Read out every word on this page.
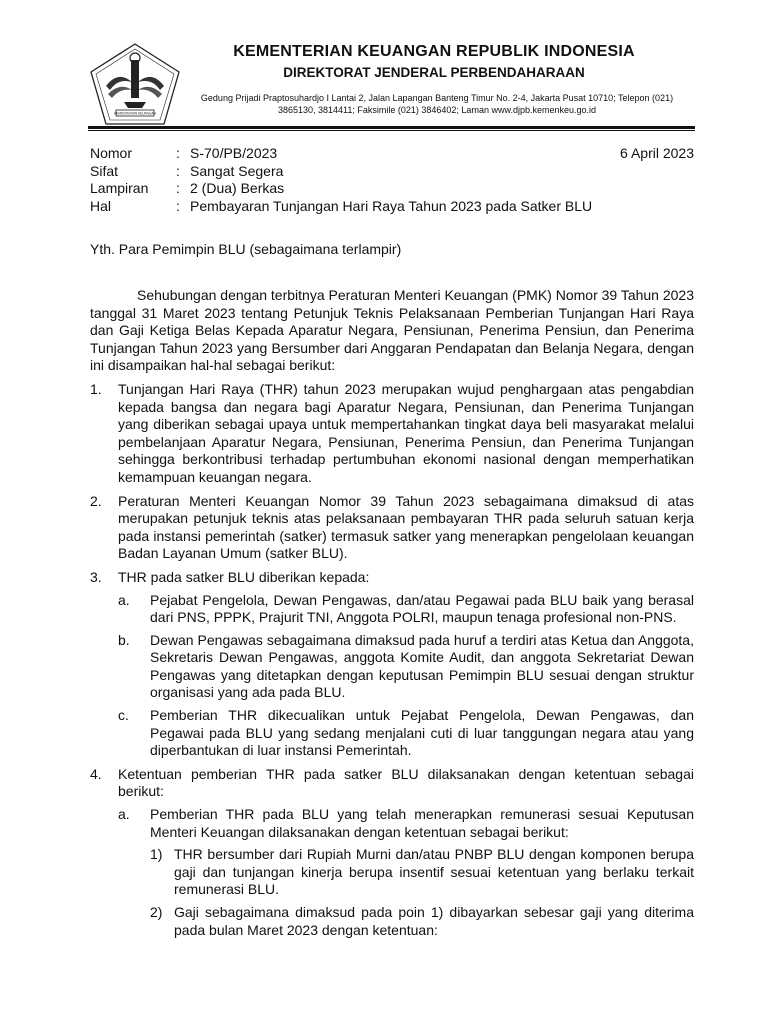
KEMENTERIAN KEUANGAN
KEMENTERIAN KEUANGAN REPUBLIK INDONESIA
DIREKTORAT JENDERAL PERBENDAHARAAN
Gedung Prijadi Praptosuhardjo I Lantai 2, Jalan Lapangan Banteng Timur No. 2-4, Jakarta Pusat 10710; Telepon (021)
3865130, 3814411; Faksimile (021) 3846402; Laman www.djpb.kemenkeu.go.id
Nomor	: S-70/PB/2023
Sifat	: Sangat Segera
Lampiran	: 2 (Dua) Berkas
Hal	: Pembayaran Tunjangan Hari Raya Tahun 2023 pada Satker BLU
6 April 2023
Yth. Para Pemimpin BLU (sebagaimana terlampir)

Sehubungan dengan terbitnya Peraturan Menteri Keuangan (PMK) Nomor 39 Tahun 2023 tanggal 31 Maret 2023 tentang Petunjuk Teknis Pelaksanaan Pemberian Tunjangan Hari Raya dan Gaji Ketiga Belas Kepada Aparatur Negara, Pensiunan, Penerima Pensiun, dan Penerima Tunjangan Tahun 2023 yang Bersumber dari Anggaran Pendapatan dan Belanja Negara, dengan ini disampaikan hal-hal sebagai berikut:

1.	Tunjangan Hari Raya (THR) tahun 2023 merupakan wujud penghargaan atas pengabdian kepada bangsa dan negara bagi Aparatur Negara, Pensiunan, dan Penerima Tunjangan yang diberikan sebagai upaya untuk mempertahankan tingkat daya beli masyarakat melalui pembelanjaan Aparatur Negara, Pensiunan, Penerima Pensiun, dan Penerima Tunjangan sehingga berkontribusi terhadap pertumbuhan ekonomi nasional dengan memperhatikan kemampuan keuangan negara.
2.	Peraturan Menteri Keuangan Nomor 39 Tahun 2023 sebagaimana dimaksud di atas merupakan petunjuk teknis atas pelaksanaan pembayaran THR pada seluruh satuan kerja pada instansi pemerintah (satker) termasuk satker yang menerapkan pengelolaan keuangan Badan Layanan Umum (satker BLU).
3.	THR pada satker BLU diberikan kepada:
a.	Pejabat Pengelola, Dewan Pengawas, dan/atau Pegawai pada BLU baik yang berasal dari PNS, PPPK, Prajurit TNI, Anggota POLRI, maupun tenaga profesional non-PNS.
b.	Dewan Pengawas sebagaimana dimaksud pada huruf a terdiri atas Ketua dan Anggota, Sekretaris Dewan Pengawas, anggota Komite Audit, dan anggota Sekretariat Dewan Pengawas yang ditetapkan dengan keputusan Pemimpin BLU sesuai dengan struktur organisasi yang ada pada BLU.
c.	Pemberian THR dikecualikan untuk Pejabat Pengelola, Dewan Pengawas, dan Pegawai pada BLU yang sedang menjalani cuti di luar tanggungan negara atau yang diperbantukan di luar instansi Pemerintah.
4.	Ketentuan pemberian THR pada satker BLU dilaksanakan dengan ketentuan sebagai berikut:
a.	Pemberian THR pada BLU yang telah menerapkan remunerasi sesuai Keputusan Menteri Keuangan dilaksanakan dengan ketentuan sebagai berikut:
1) THR bersumber dari Rupiah Murni dan/atau PNBP BLU dengan komponen berupa gaji dan tunjangan kinerja berupa insentif sesuai ketentuan yang berlaku terkait remunerasi BLU.
2) Gaji sebagaimana dimaksud pada poin 1) dibayarkan sebesar gaji yang diterima pada bulan Maret 2023 dengan ketentuan:
